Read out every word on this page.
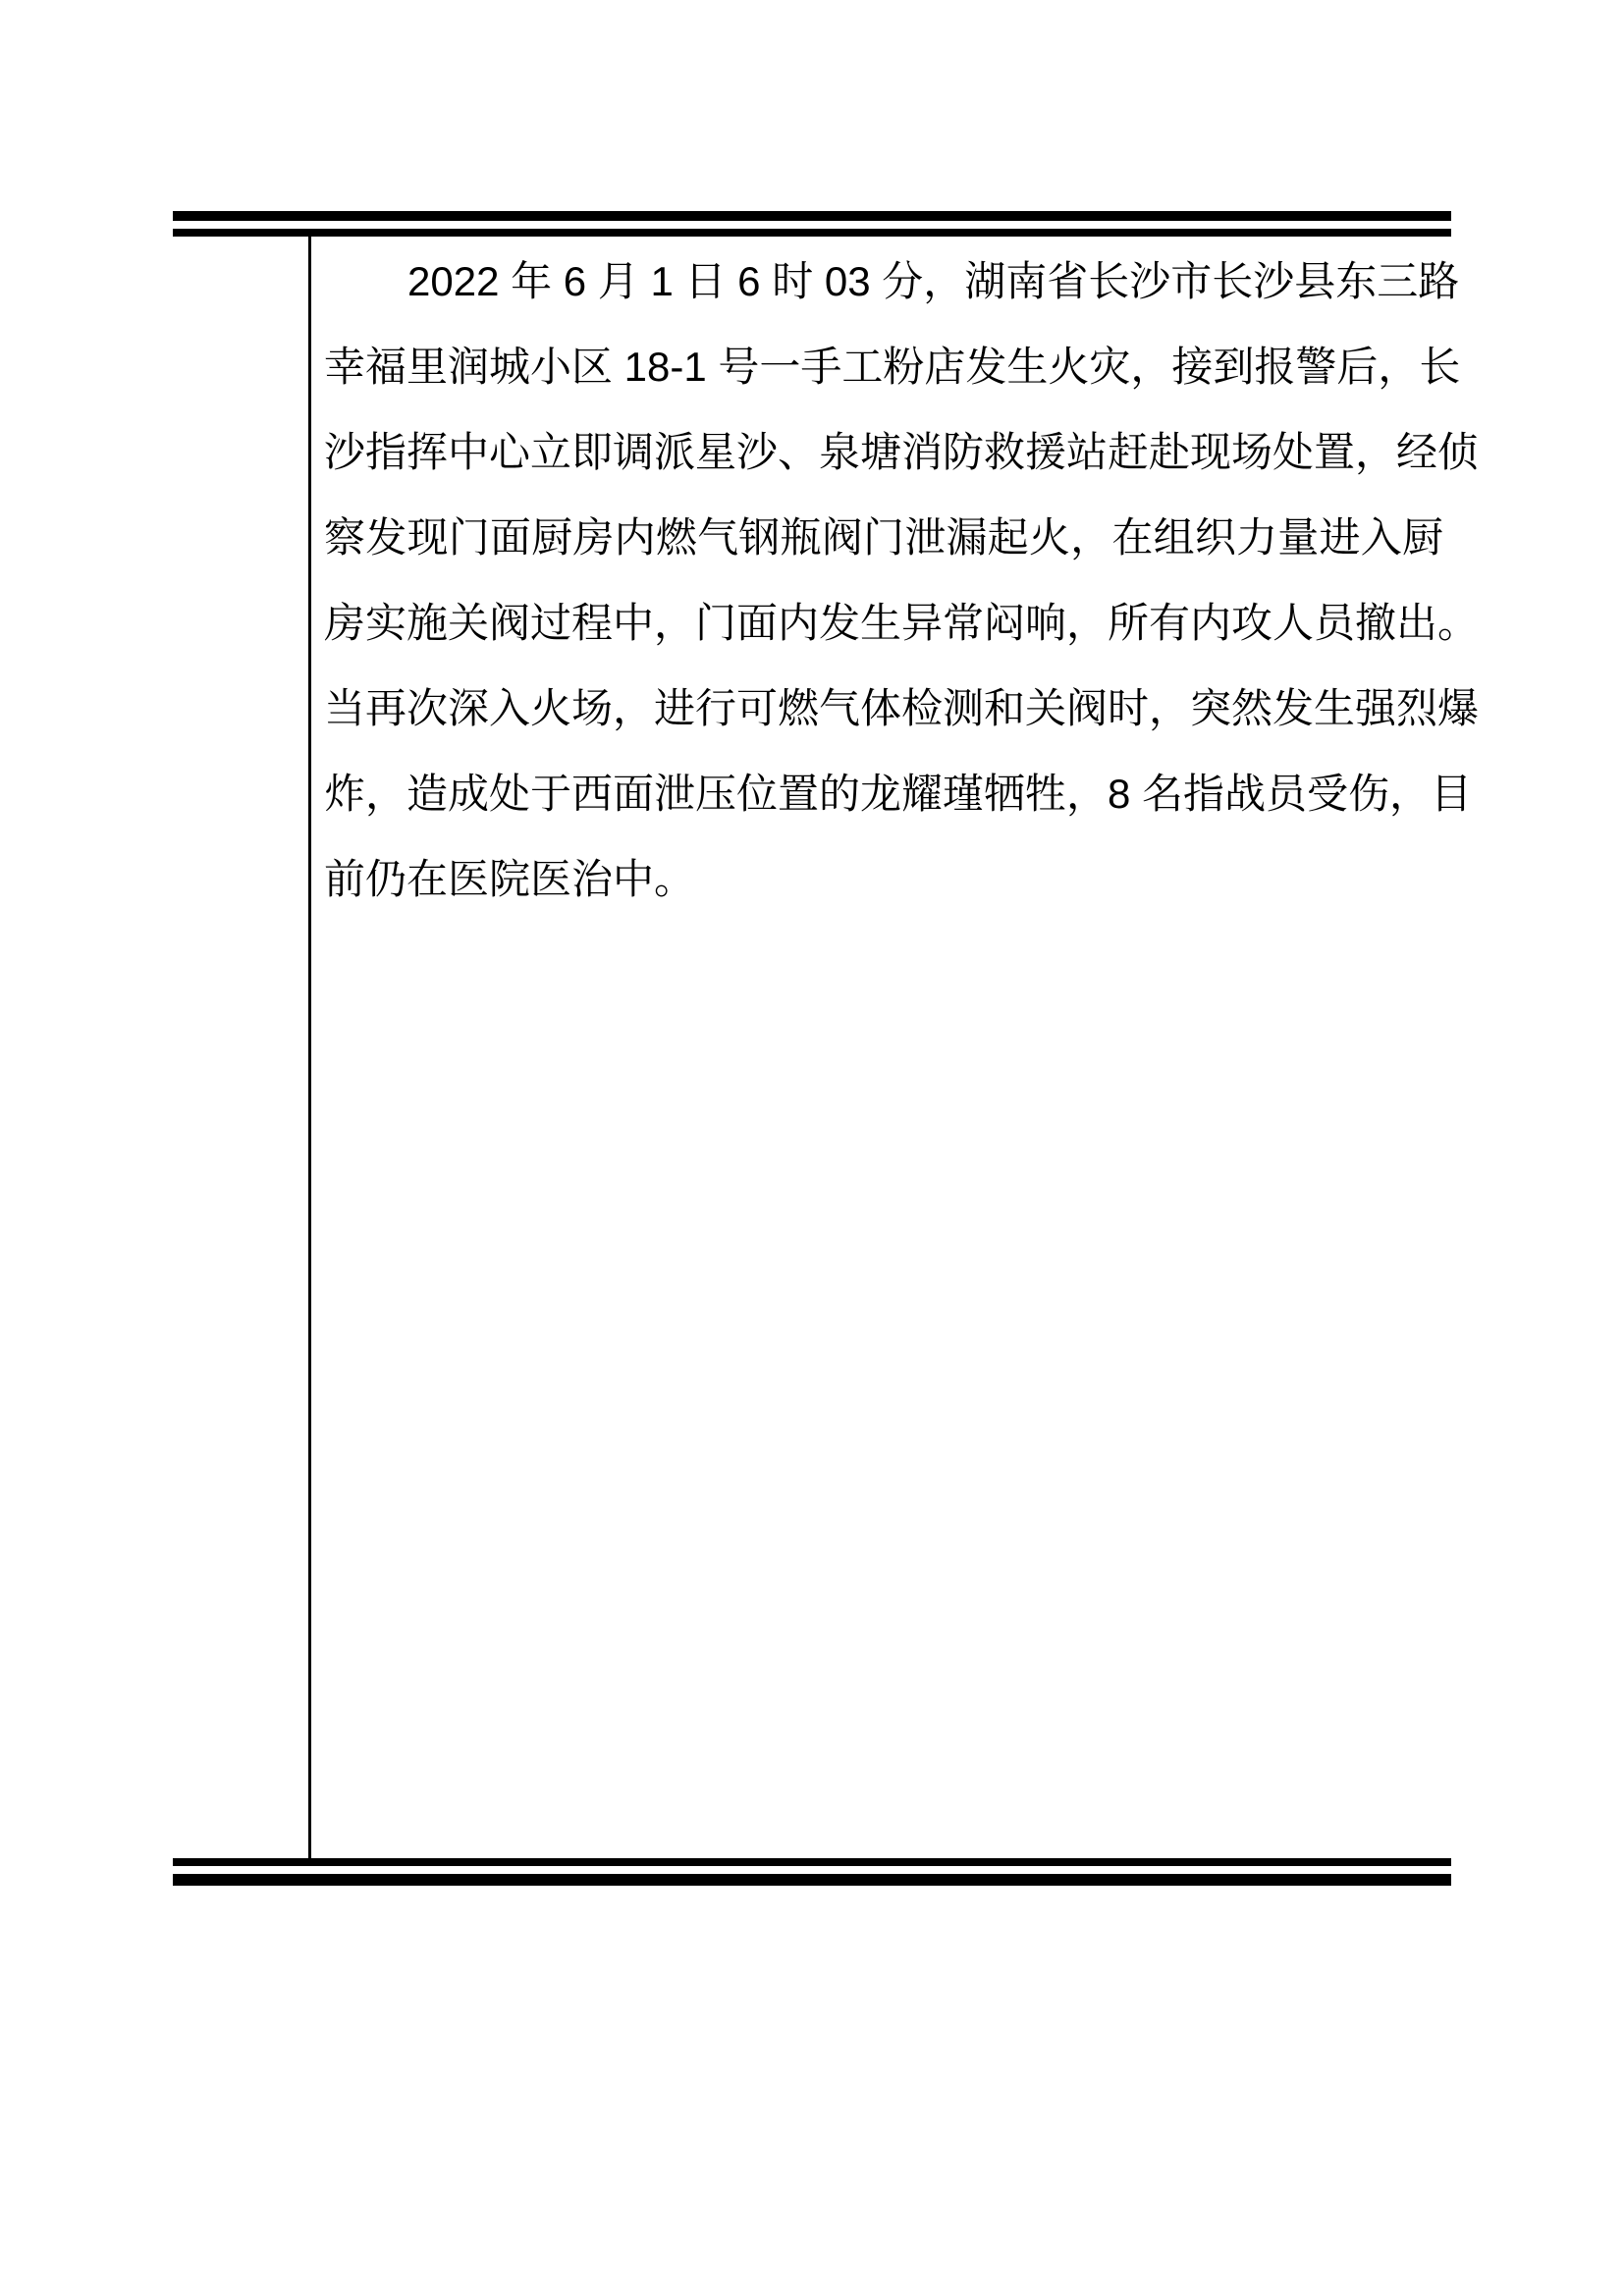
2022 年 6 月 1 日 6 时 03 分，湖南省长沙市长沙县东三路
幸福里润城小区 18-1 号一手工粉店发生火灾，接到报警后，长
沙指挥中心立即调派星沙、泉塘消防救援站赶赴现场处置，经侦
察发现门面厨房内燃气钢瓶阀门泄漏起火，在组织力量进入厨
房实施关阀过程中，门面内发生异常闷响，所有内攻人员撤出。
当再次深入火场，进行可燃气体检测和关阀时，突然发生强烈爆
炸，造成处于西面泄压位置的龙耀瑾牺牲，8 名指战员受伤，目
前仍在医院医治中。
